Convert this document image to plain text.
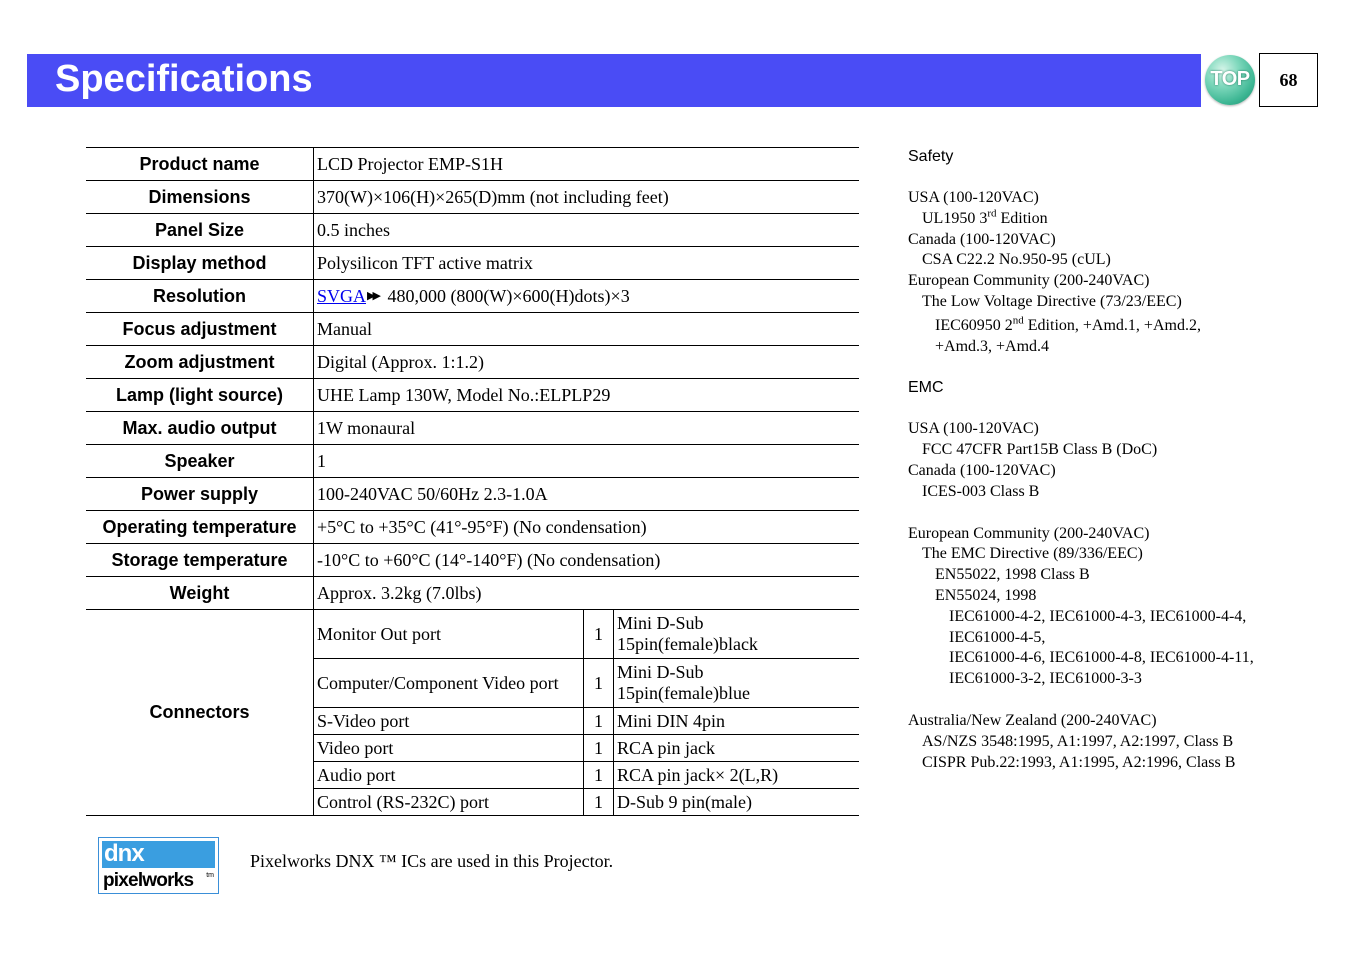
Specifications	TOP	68
Product name	LCD Projector EMP-S1H		
Dimensions	370(W)×106(H)×265(D)mm (not including feet)		
Panel Size	0.5 inches		
Display method	Polysilicon TFT active matrix		
Resolution	SVGA▶▶ 480,000 (800(W)×600(H)dots)×3		
Focus adjustment	Manual		
Zoom adjustment	Digital (Approx. 1:1.2)		
Lamp (light source)	UHE Lamp 130W, Model No.:ELPLP29		
Max. audio output	1W monaural		
Speaker	1		
Power supply	100-240VAC 50/60Hz 2.3-1.0A		
Operating temperature	+5°C to +35°C (41°-95°F) (No condensation)		
Storage temperature	-10°C to +60°C (14°-140°F) (No condensation)		
Weight	Approx. 3.2kg (7.0lbs)		
Connectors	Monitor Out port	1	Mini D-Sub
15pin(female)black
	Computer/Component Video port	1	Mini D-Sub
15pin(female)blue
	S-Video port	1	Mini DIN 4pin
	Video port	1	RCA pin jack
	Audio port	1	RCA pin jack× 2(L,R)
	Control (RS-232C) port	1	D-Sub 9 pin(male)
dnx
pixelworks tm
Pixelworks DNX ™ ICs are used in this Projector.
Safety
USA (100-120VAC)
UL1950 3rd Edition
Canada (100-120VAC)
CSA C22.2 No.950-95 (cUL)
European Community (200-240VAC)
The Low Voltage Directive (73/23/EEC)
IEC60950 2nd Edition, +Amd.1, +Amd.2,
+Amd.3, +Amd.4
EMC
USA (100-120VAC)
FCC 47CFR Part15B Class B (DoC)
Canada (100-120VAC)
ICES-003 Class B
European Community (200-240VAC)
The EMC Directive (89/336/EEC)
EN55022, 1998 Class B
EN55024, 1998
IEC61000-4-2, IEC61000-4-3, IEC61000-4-4,
IEC61000-4-5,
IEC61000-4-6, IEC61000-4-8, IEC61000-4-11,
IEC61000-3-2, IEC61000-3-3
Australia/New Zealand (200-240VAC)
AS/NZS 3548:1995, A1:1997, A2:1997, Class B
CISPR Pub.22:1993, A1:1995, A2:1996, Class B
